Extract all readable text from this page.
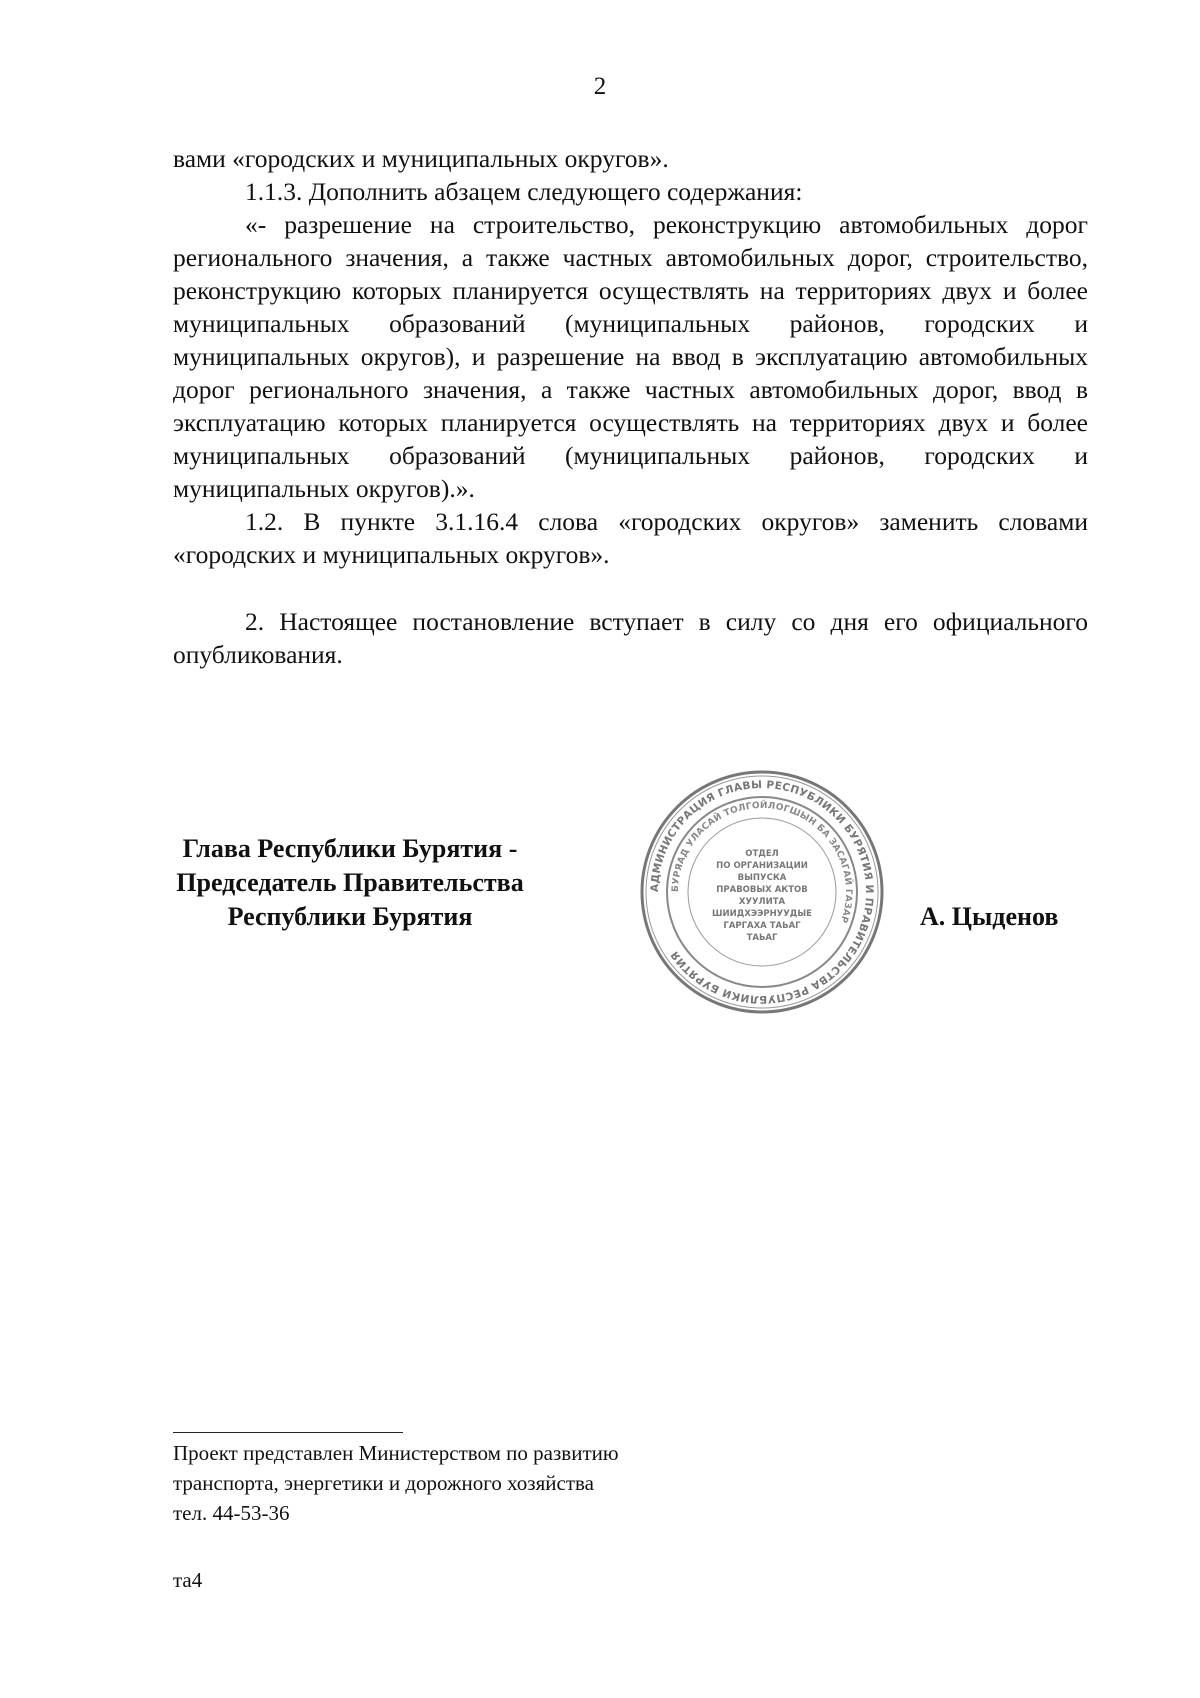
2

вами «городских и муниципальных округов».

1.1.3. Дополнить абзацем следующего содержания:

«- разрешение на строительство, реконструкцию автомобильных дорог регионального значения, а также частных автомобильных дорог, строительство, реконструкцию которых планируется осуществлять на территориях двух и более муниципальных образований (муниципальных районов, городских и муниципальных округов), и разрешение на ввод в эксплуатацию автомобильных дорог регионального значения, а также частных автомобильных дорог, ввод в эксплуатацию которых планируется осуществлять на территориях двух и более муниципальных образований (муниципальных районов, городских и муниципальных округов).».

1.2. В пункте 3.1.16.4 слова «городских округов» заменить словами «городских и муниципальных округов».

2. Настоящее постановление вступает в силу со дня его официального опубликования.

Глава Республики Бурятия -
Председатель Правительства
Республики Бурятия
АДМИНИСТРАЦИЯ ГЛАВЫ РЕСПУБЛИКИ БУРЯТИЯ И ПРАВИТЕЛЬСТВА РЕСПУБЛИКИ БУРЯТИЯ
БУРЯАД УЛАСАЙ ТОЛГОЙЛОГШЫН БА ЗАСАГАЙ ГАЗАР
ОТДЕЛ
ПО ОРГАНИЗАЦИИ
ВЫПУСКА
ПРАВОВЫХ АКТОВ
ХУУЛИТА
ШИИДХЭЭРНУУДЫЕ
ГАРГАХА ТАЬАГ
ТАЬАГ
А. Цыденов
Проект представлен Министерством по развитию
транспорта, энергетики и дорожного хозяйства
тел. 44-53-36
та4
